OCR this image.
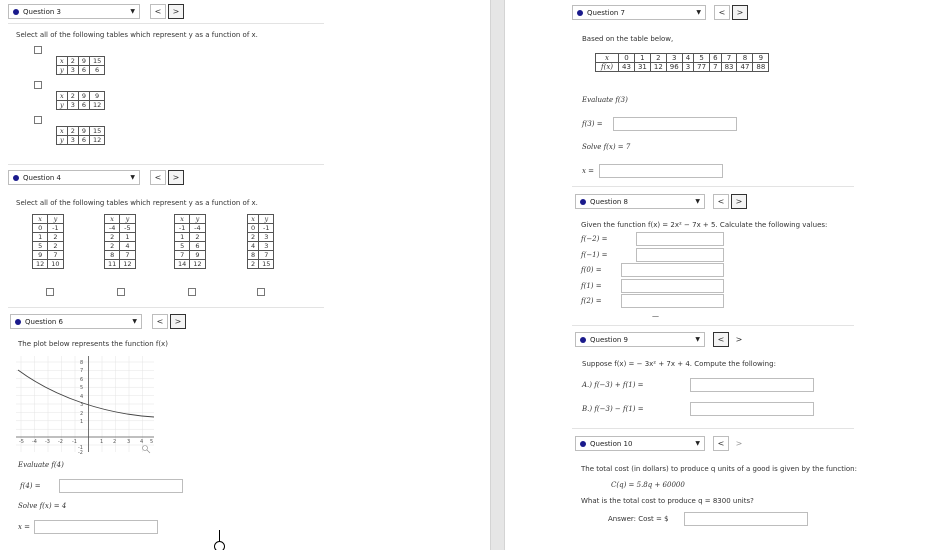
Question 3	▼	<	>
Select all of the following tables which represent y as a function of x.
x	2	9	15
y	3	6	6
x	2	9	9
y	3	6	12
x	2	9	15
y	3	6	12
Question 4	▼	<	>
Select all of the following tables which represent y as a function of x.
x	y
0	-1
1	2
5	2
9	7
12	10
x	y
-4	-5
2	1
2	4
8	7
11	12
x	y
-1	-4
1	2
5	6
7	9
14	12
x	y
0	-1
2	3
4	3
8	7
2	15
Question 6	▼	<	>
The plot below represents the function f(x)
-5 -4 -3 -2 -1	1 2 3 4 5
8
7
6
5
4
3
2
1
-1
-2
Evaluate f(4)
f(4) =
Solve f(x) = 4
x =
Question 7	▼	<	>
Based on the table below,
x	0	1	2	3	4	5	6	7	8	9
f(x)	43	31	12	96	3	77	7	83	47	88
Evaluate f(3)
f(3) =
Solve f(x) = 7
x =
Question 8	▼	<	>
Given the function f(x) = 2x² − 7x + 5. Calculate the following values:
f(−2) =
f(−1) =
f(0) =
f(1) =
f(2) =
—
Question 9	▼	<	>
Suppose f(x) = − 3x² + 7x + 4. Compute the following:
A.) f(−3) + f(1) =
B.) f(−3) − f(1) =
Question 10	▼	<	>
The total cost (in dollars) to produce q units of a good is given by the function:
C(q) = 5.8q + 60000
What is the total cost to produce q = 8300 units?
Answer: Cost = $
